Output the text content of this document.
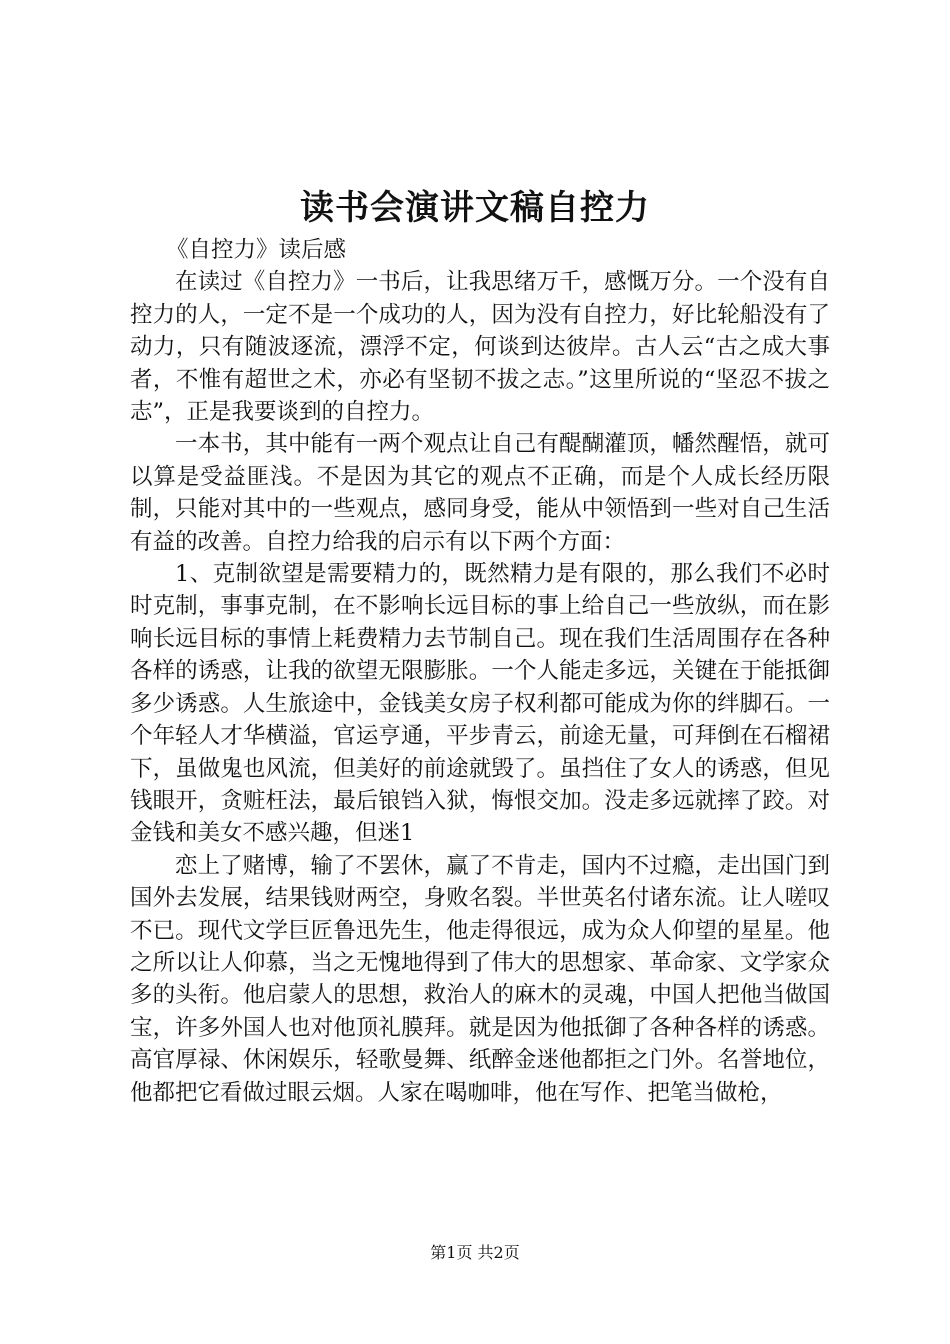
读书会演讲文稿自控力

《自控力》读后感

在读过《自控力》一书后，让我思绪万千，感慨万分。一个没有自控力的人，一定不是一个成功的人，因为没有自控力，好比轮船没有了动力，只有随波逐流，漂浮不定，何谈到达彼岸。古人云“古之成大事者，不惟有超世之术，亦必有坚韧不拔之志。”这里所说的“坚忍不拔之志”，正是我要谈到的自控力。

一本书，其中能有一两个观点让自己有醍醐灌顶，幡然醒悟，就可以算是受益匪浅。不是因为其它的观点不正确，而是个人成长经历限制，只能对其中的一些观点，感同身受，能从中领悟到一些对自己生活有益的改善。自控力给我的启示有以下两个方面：

1、克制欲望是需要精力的，既然精力是有限的，那么我们不必时时克制，事事克制，在不影响长远目标的事上给自己一些放纵，而在影响长远目标的事情上耗费精力去节制自己。现在我们生活周围存在各种各样的诱惑，让我的欲望无限膨胀。一个人能走多远，关键在于能抵御多少诱惑。人生旅途中，金钱美女房子权利都可能成为你的绊脚石。一个年轻人才华横溢，官运亨通，平步青云，前途无量，可拜倒在石榴裙下，虽做鬼也风流，但美好的前途就毁了。虽挡住了女人的诱惑，但见钱眼开，贪赃枉法，最后锒铛入狱，悔恨交加。没走多远就摔了跤。对金钱和美女不感兴趣，但迷1

恋上了赌博，输了不罢休，赢了不肯走，国内不过瘾，走出国门到国外去发展，结果钱财两空，身败名裂。半世英名付诸东流。让人嗟叹不已。现代文学巨匠鲁迅先生，他走得很远，成为众人仰望的星星。他之所以让人仰慕，当之无愧地得到了伟大的思想家、革命家、文学家众多的头衔。他启蒙人的思想，救治人的麻木的灵魂，中国人把他当做国宝，许多外国人也对他顶礼膜拜。就是因为他抵御了各种各样的诱惑。高官厚禄、休闲娱乐，轻歌曼舞、纸醉金迷他都拒之门外。名誉地位，他都把它看做过眼云烟。人家在喝咖啡，他在写作、把笔当做枪，

第1页 共2页
